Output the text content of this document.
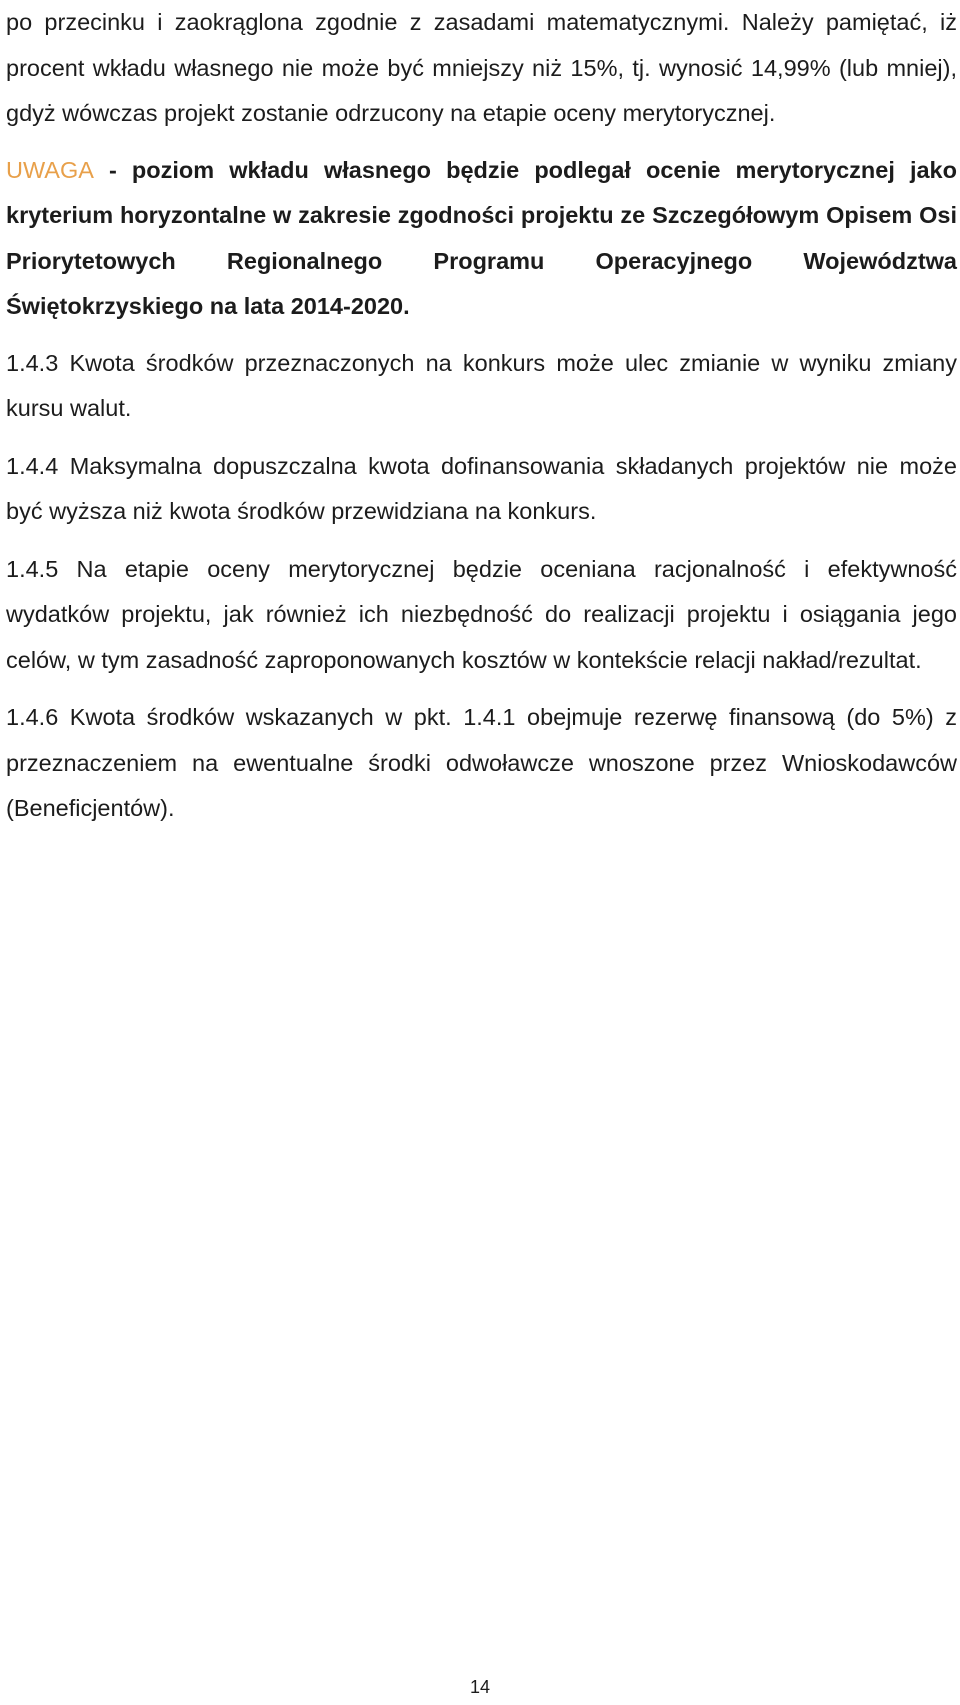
po przecinku i zaokrąglona zgodnie z zasadami matematycznymi. Należy pamiętać, iż procent wkładu własnego nie może być mniejszy niż 15%, tj. wynosić 14,99% (lub mniej), gdyż wówczas projekt zostanie odrzucony na etapie oceny merytorycznej.

UWAGA - poziom wkładu własnego będzie podlegał ocenie merytorycznej jako kryterium horyzontalne w zakresie zgodności projektu ze Szczegółowym Opisem Osi Priorytetowych Regionalnego Programu Operacyjnego Województwa Świętokrzyskiego na lata 2014-2020.

1.4.3 Kwota środków przeznaczonych na konkurs może ulec zmianie w wyniku zmiany kursu walut.

1.4.4 Maksymalna dopuszczalna kwota dofinansowania składanych projektów nie może być wyższa niż kwota środków przewidziana na konkurs.

1.4.5 Na etapie oceny merytorycznej będzie oceniana racjonalność i efektywność wydatków projektu, jak również ich niezbędność do realizacji projektu i osiągania jego celów, w tym zasadność zaproponowanych kosztów w kontekście relacji nakład/rezultat.

1.4.6 Kwota środków wskazanych w pkt. 1.4.1 obejmuje rezerwę finansową (do 5%) z przeznaczeniem na ewentualne środki odwoławcze wnoszone przez Wnioskodawców (Beneficjentów).

14
